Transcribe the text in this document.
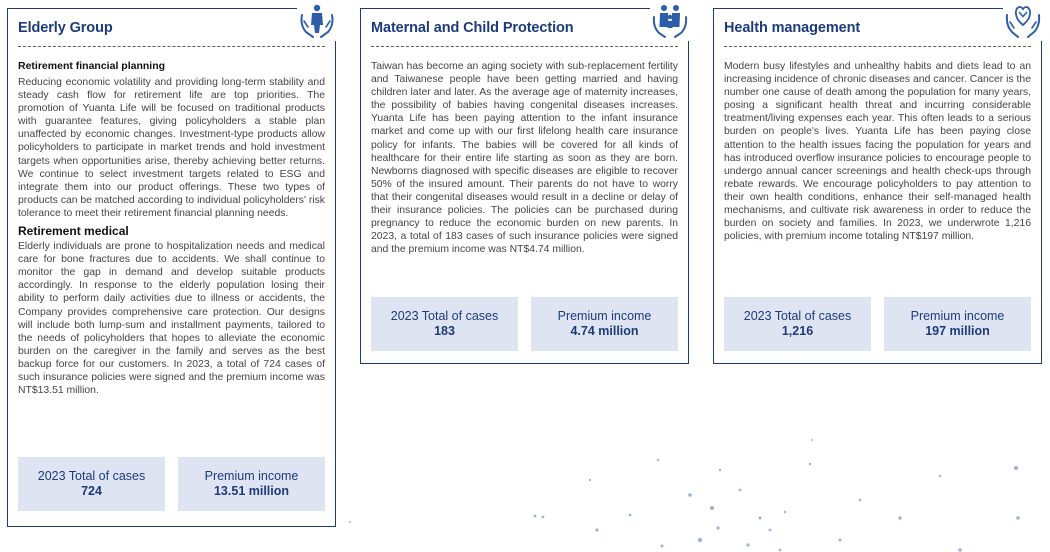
Elderly Group

Retirement financial planning

Reducing economic volatility and providing long-term stability and steady cash flow for retirement life are top priorities. The promotion of Yuanta Life will be focused on traditional products with guarantee features, giving policyholders a stable plan unaffected by economic changes. Investment-type products allow policyholders to participate in market trends and hold investment targets when opportunities arise, thereby achieving better returns. We continue to select investment targets related to ESG and integrate them into our product offerings. These two types of products can be matched according to individual policyholders' risk tolerance to meet their retirement financial planning needs.

Retirement medical

Elderly individuals are prone to hospitalization needs and medical care for bone fractures due to accidents. We shall continue to monitor the gap in demand and develop suitable products accordingly. In response to the elderly population losing their ability to perform daily activities due to illness or accidents, the Company provides comprehensive care protection. Our designs will include both lump-sum and installment payments, tailored to the needs of policyholders that hopes to alleviate the economic burden on the caregiver in the family and serves as the best backup force for our customers. In 2023, a total of 724 cases of such insurance policies were signed and the premium income was NT$13.51 million.

2023 Total of cases
724
Premium income
13.51 million
Maternal and Child Protection

Taiwan has become an aging society with sub-replacement fertility and Taiwanese people have been getting married and having children later and later. As the average age of maternity increases, the possibility of babies having congenital diseases increases. Yuanta Life has been paying attention to the infant insurance market and come up with our first lifelong health care insurance policy for infants. The babies will be covered for all kinds of healthcare for their entire life starting as soon as they are born. Newborns diagnosed with specific diseases are eligible to recover 50% of the insured amount. Their parents do not have to worry that their congenital diseases would result in a decline or delay of their insurance policies. The policies can be purchased during pregnancy to reduce the economic burden on new parents. In 2023, a total of 183 cases of such insurance policies were signed and the premium income was NT$4.74 million.

2023 Total of cases
183
Premium income
4.74 million
Health management

Modern busy lifestyles and unhealthy habits and diets lead to an increasing incidence of chronic diseases and cancer. Cancer is the number one cause of death among the population for many years, posing a significant health threat and incurring considerable treatment/living expenses each year. This often leads to a serious burden on people's lives. Yuanta Life has been paying close attention to the health issues facing the population for years and has introduced overflow insurance policies to encourage people to undergo annual cancer screenings and health check-ups through rebate rewards. We encourage policyholders to pay attention to their own health conditions, enhance their self-managed health mechanisms, and cultivate risk awareness in order to reduce the burden on society and families. In 2023, we underwrote 1,216 policies, with premium income totaling NT$197 million.

2023 Total of cases
1,216
Premium income
197 million
